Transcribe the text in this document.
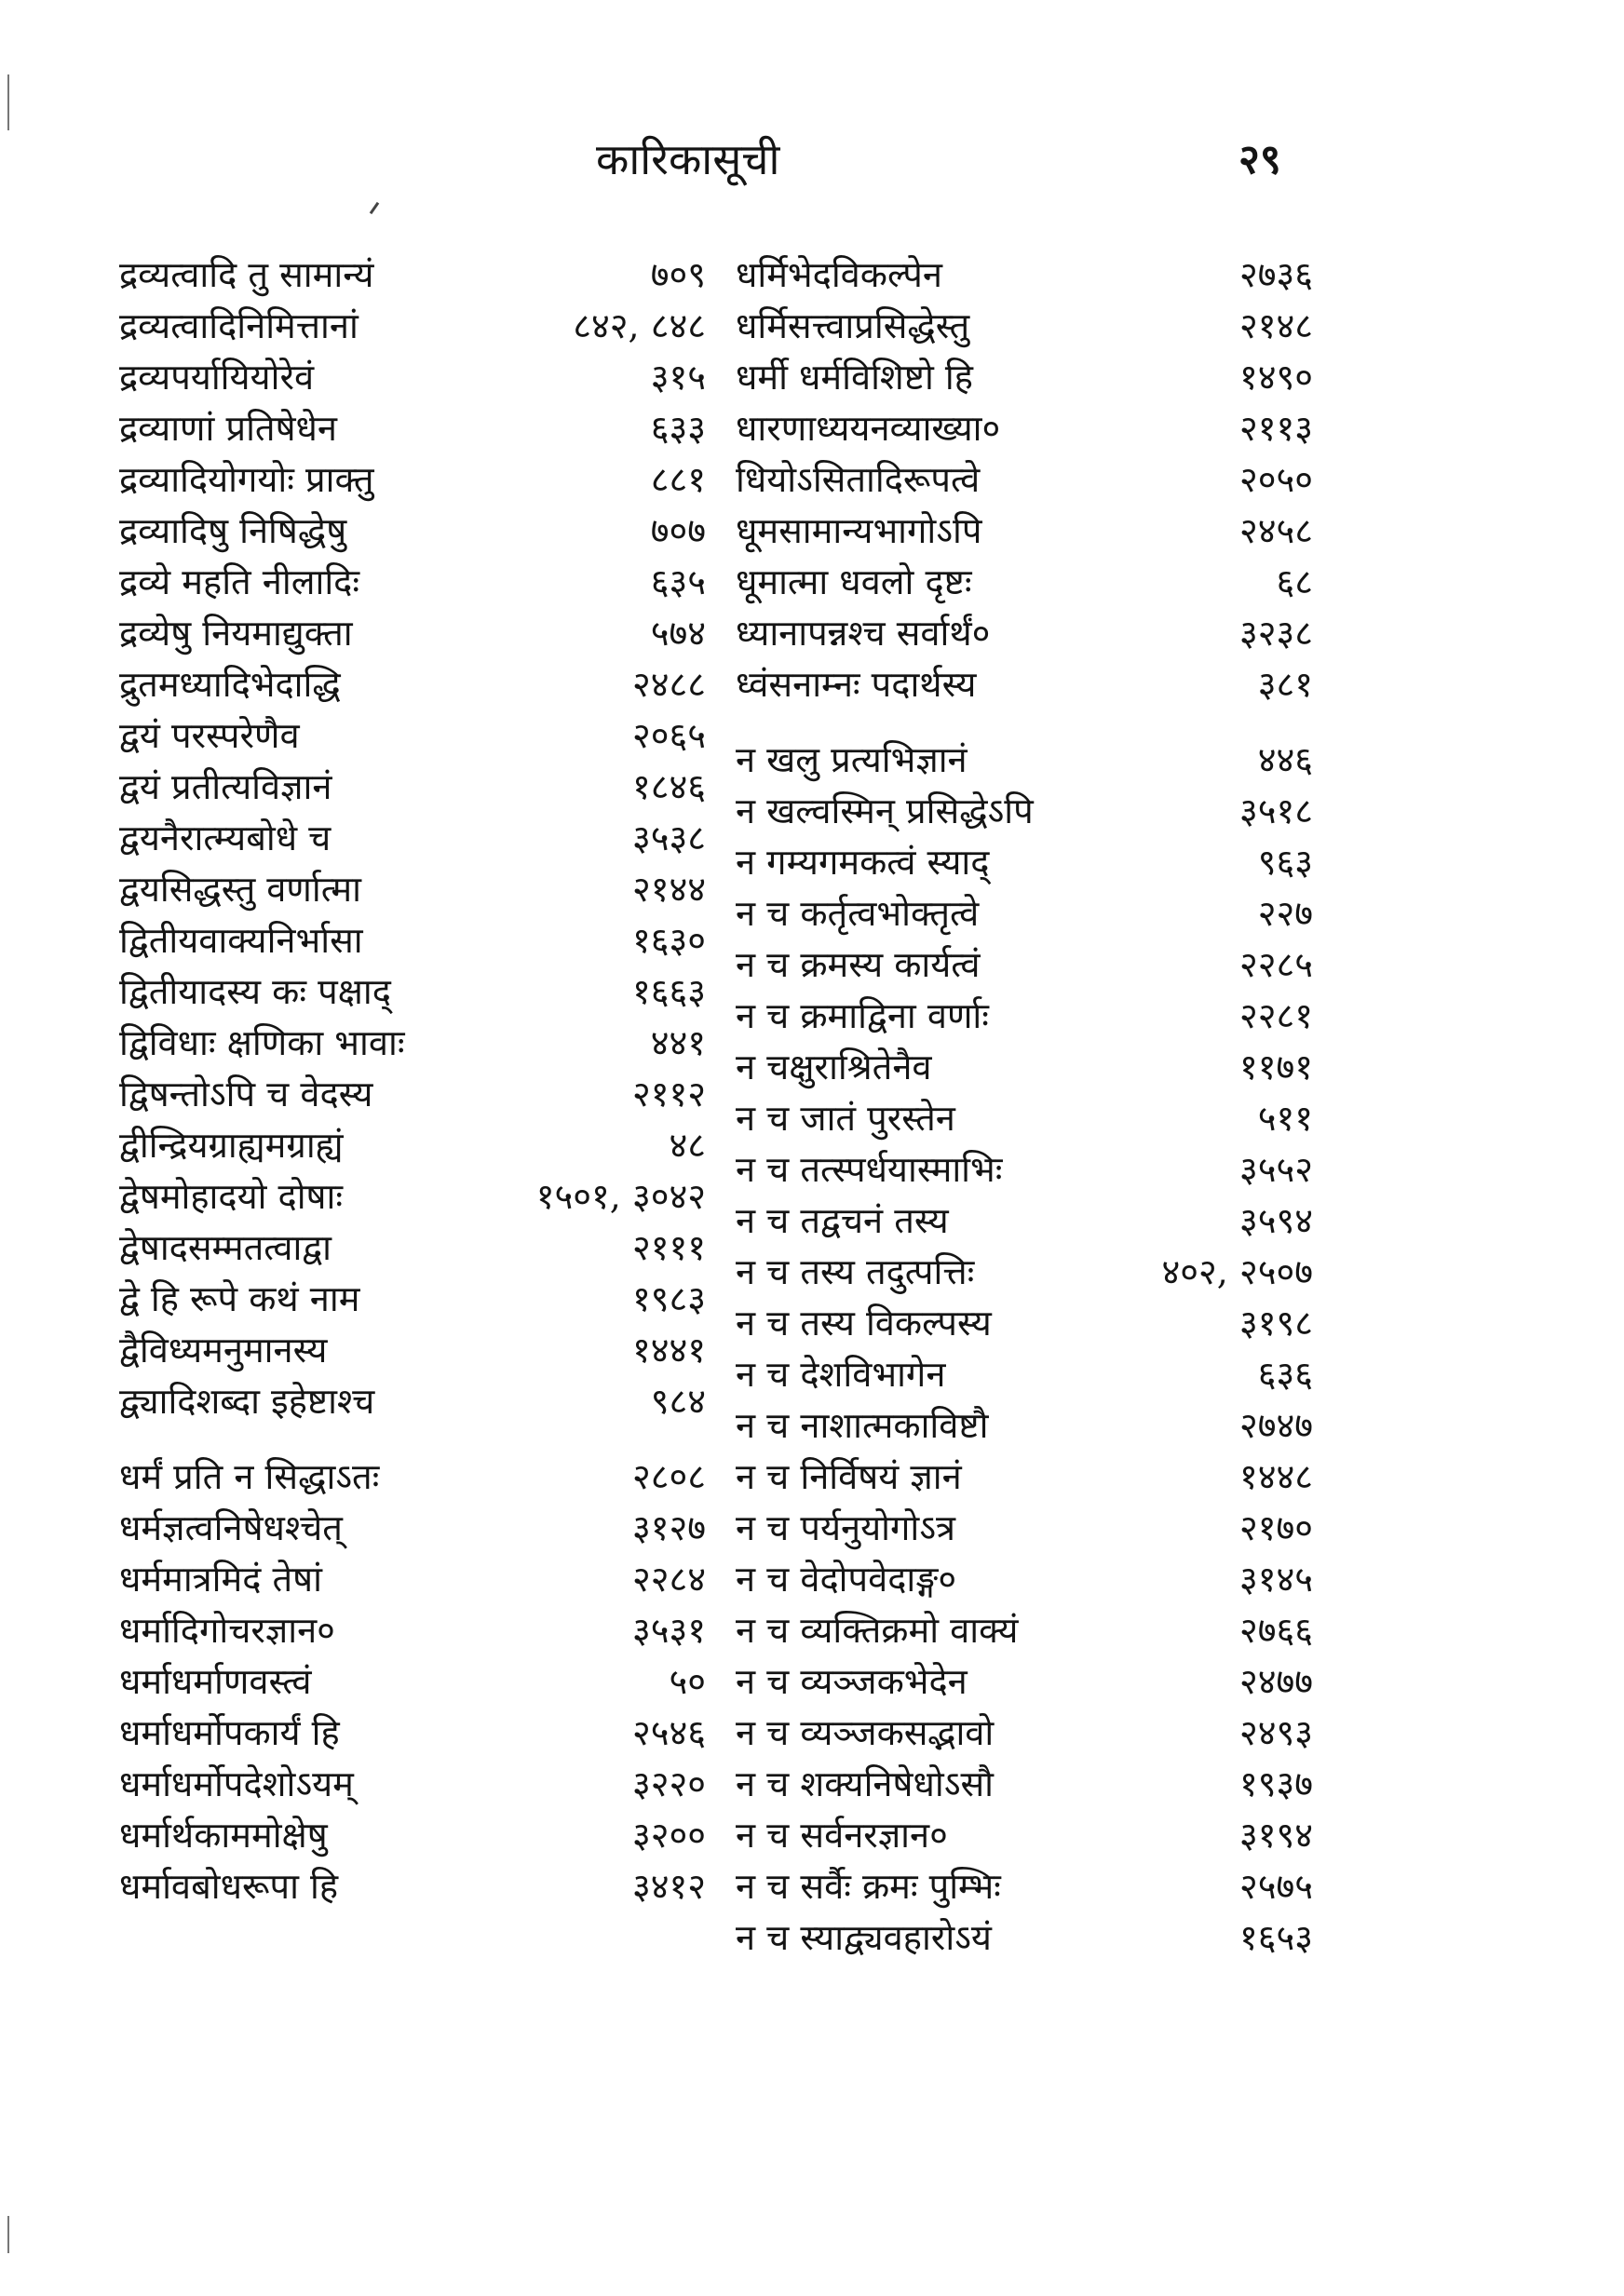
कारिकासूची	२९
द्रव्यत्वादि तु सामान्यं	७०९
द्रव्यत्वादिनिमित्तानां	८४२, ८४८
द्रव्यपर्यायियोरेवं	३१५
द्रव्याणां प्रतिषेधेन	६३३
द्रव्यादियोगयोः प्राक्तु	८८१
द्रव्यादिषु निषिद्धेषु	७०७
द्रव्ये महति नीलादिः	६३५
द्रव्येषु नियमाद्युक्ता	५७४
द्रुतमध्यादिभेदाद्धि	२४८८
द्वयं परस्परेणैव	२०६५
द्वयं प्रतीत्यविज्ञानं	१८४६
द्वयनैरात्म्यबोधे च	३५३८
द्वयसिद्धस्तु वर्णात्मा	२१४४
द्वितीयवाक्यनिर्भासा	१६३०
द्वितीयादस्य कः पक्षाद्	१६६३
द्विविधाः क्षणिका भावाः	४४१
द्विषन्तोऽपि च वेदस्य	२११२
द्वीन्द्रियग्राह्यमग्राह्यं	४८
द्वेषमोहादयो दोषाः	१५०१, ३०४२
द्वेषादसम्मतत्वाद्वा	२१११
द्वे हि रूपे कथं नाम	१९८३
द्वैविध्यमनुमानस्य	१४४१
द्व्यादिशब्दा इहेष्टाश्च	९८४
धर्मं प्रति न सिद्धाऽतः	२८०८
धर्मज्ञत्वनिषेधश्चेत्	३१२७
धर्ममात्रमिदं तेषां	२२८४
धर्मादिगोचरज्ञान०	३५३१
धर्माधर्माणवस्त्वं	५०
धर्माधर्मोपकार्यं हि	२५४६
धर्माधर्मोपदेशोऽयम्	३२२०
धर्मार्थकाममोक्षेषु	३२००
धर्मावबोधरूपा हि	३४१२
धर्मिभेदविकल्पेन	२७३६
धर्मिसत्त्वाप्रसिद्धेस्तु	२१४८
धर्मी धर्मविशिष्टो हि	१४९०
धारणाध्ययनव्याख्या०	२११३
धियोऽसितादिरूपत्वे	२०५०
धूमसामान्यभागोऽपि	२४५८
धूमात्मा धवलो दृष्टः	६८
ध्यानापन्नश्च सर्वार्थं०	३२३८
ध्वंसनाम्नः पदार्थस्य	३८१
न खलु प्रत्यभिज्ञानं	४४६
न खल्वस्मिन् प्रसिद्धेऽपि	३५१८
न गम्यगमकत्वं स्याद्	९६३
न च कर्तृत्वभोक्तृत्वे	२२७
न च क्रमस्य कार्यत्वं	२२८५
न च क्रमाद्विना वर्णाः	२२८१
न चक्षुराश्रितेनैव	११७१
न च जातं पुरस्तेन	५११
न च तत्स्पर्धयास्माभिः	३५५२
न च तद्वचनं तस्य	३५९४
न च तस्य तदुत्पत्तिः	४०२, २५०७
न च तस्य विकल्पस्य	३१९८
न च देशविभागेन	६३६
न च नाशात्मकाविष्टौ	२७४७
न च निर्विषयं ज्ञानं	१४४८
न च पर्यनुयोगोऽत्र	२१७०
न च वेदोपवेदाङ्ग०	३१४५
न च व्यक्तिक्रमो वाक्यं	२७६६
न च व्यञ्जकभेदेन	२४७७
न च व्यञ्जकसद्भावो	२४९३
न च शक्यनिषेधोऽसौ	१९३७
न च सर्वनरज्ञान०	३१९४
न च सर्वैः क्रमः पुम्भिः	२५७५
न च स्याद्व्यवहारोऽयं	१६५३
